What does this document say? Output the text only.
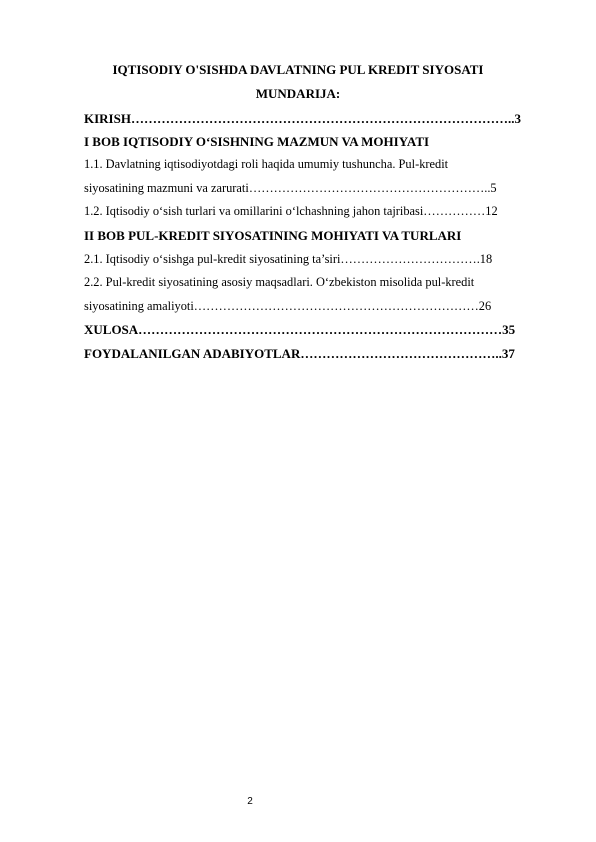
IQTISODIY O'SISHDA DAVLATNING PUL KREDIT SIYOSATI
MUNDARIJA:
KIRISH……………………………………………………………………………..3
I BOB IQTISODIY O‘SISHNING MAZMUN VA MOHIYATI
1.1. Davlatning iqtisodiyotdagi roli haqida umumiy tushuncha. Pul-kredit
siyosatining mazmuni va zarurati…………………………………………………..5
1.2. Iqtisodiy o‘sish turlari va omillarini o‘lchashning jahon tajribasi……………12
II BOB PUL-KREDIT SIYOSATINING MOHIYATI VA TURLARI
2.1. Iqtisodiy o‘sishga pul-kredit siyosatining ta’siri…………………………….18
2.2. Pul-kredit siyosatining asosiy maqsadlari. O‘zbekiston misolida pul-kredit
siyosatining amaliyoti……………………………………………………………26
XULOSA…………………………………………………………………………35
FOYDALANILGAN ADABIYOTLAR………………………………………..37
2
